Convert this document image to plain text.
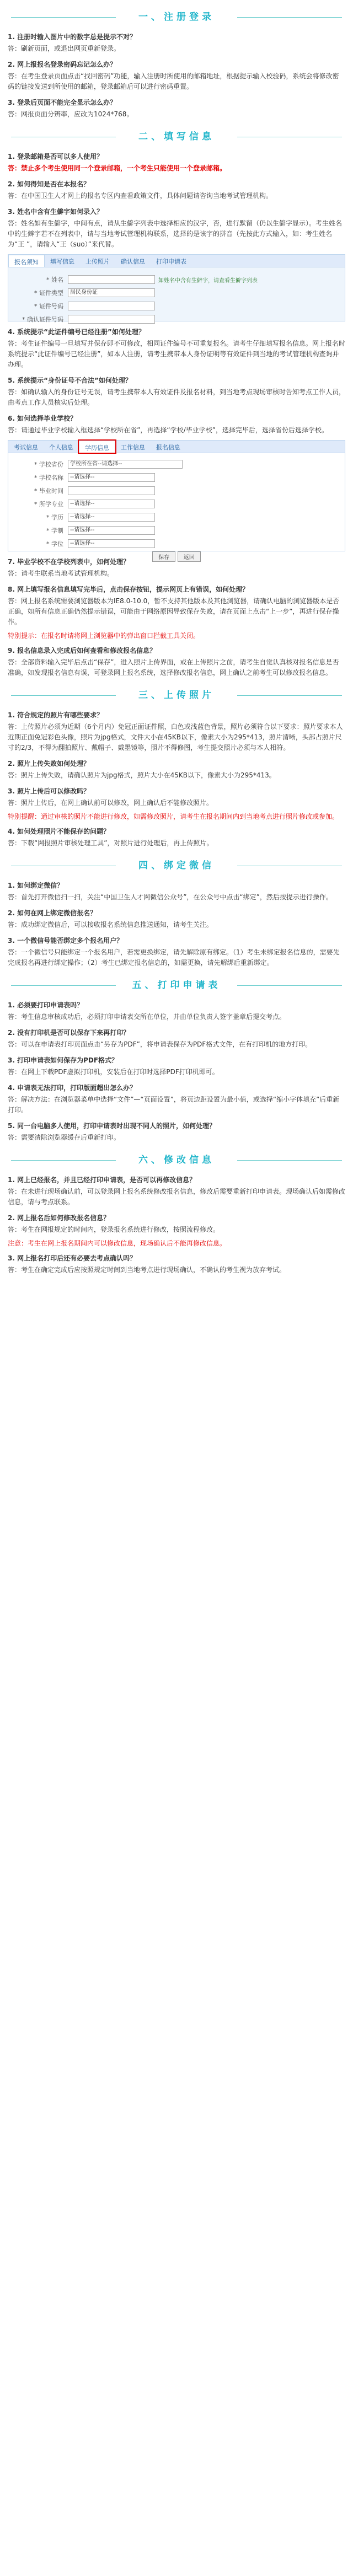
一、注册登录
1. 注册时输入图片中的数字总是提示不对？
答：刷新页面，或退出网页重新登录。
2. 网上报报名登录密码忘记怎么办？
答：在考生登录页面点击“找回密码”功能，输入注册时所使用的邮箱地址，根据提示输入校验码，系统会将修改密码的链接发送到所使用的邮箱，登录邮箱后可以进行密码重置。
3. 登录后页面不能完全显示怎么办？
答：网报页面分辨率，应改为1024*768。
二、填写信息
1. 登录邮箱是否可以多人使用？
答：禁止多个考生使用同一个登录邮箱，一个考生只能使用一个登录邮箱。
2. 如何得知是否在本报名？
答：在中国卫生人才网上的报名专区内查看政策文件，具体问题请咨询当地考试管理机构。
3. 姓名中含有生僻字如何录入？
答：姓名如有生僻字，中间有点，请从生僻字列表中选择相应的汉字，否，进行默留（仍以生僻字显示）。考生姓名中的生僻字若不在列表中，请与当地考试管理机构联系，选择的是该字的拼音（先按此方式输入，如：考生姓名为“王 ”，请输入“王（suo）”来代替。
报名须知	填写信息	上传照片	确认信息	打印申请表
* 姓名	如姓名中含有生僻字，请查看生僻字列表
* 证件类型	居民身份证
* 证件号码
* 确认证件号码
4. 系统提示“此证件编号已经注册”如何处理？
答：考生证件编号一旦填写并保存即不可修改，相同证件编号不可重复报名。请考生仔细填写报名信息。网上报名时系统提示“此证件编号已经注册”，如本人注册，请考生携带本人身份证明等有效证件到当地的考试管理机构查询并办理。
5. 系统提示“身份证号不合法”如何处理？
答：如确认输入的身份证号无误，请考生携带本人有效证件及报名材料，到当地考点现场审核时告知考点工作人员，由考点工作人员核实后处理。
6. 如何选择毕业学校？
答：请通过毕业学校输入框选择“学校所在省”，再选择“学校/毕业学校”，选择完毕后，选择省份后选择学校。
考试信息	个人信息	学历信息	工作信息	报名信息
* 学校省份	学校所在省--请选择--
* 学校名称	--请选择--
* 毕业时间
* 所学专业	--请选择--
* 学历	--请选择--
* 学制	--请选择--
* 学位	--请选择--
保存	返回
7. 毕业学校不在学校列表中，如何处理？
答：请考生联系当地考试管理机构。
8. 网上填写报名信息填写完毕后，点击保存按钮，提示网页上有错误，如何处理？
答：网上报名系统需要浏览器版本为IE8.0-10.0，暂不支持其他版本及其他浏览器，请确认电脑的浏览器版本是否正确，如所有信息正确仍然提示错误，可能由于网络原因导致保存失败，请在页面上点击“上一步”，再进行保存操作。
特别提示：在报名时请将网上浏览器中的弹出窗口拦截工具关闭。
9. 报名信息录入完成后如何查看和修改报名信息？
答：全部资料输入完毕后点击“保存”，进入照片上传界面，或在上传照片之前，请考生自觉认真核对报名信息是否准确，如发现报名信息有误，可登录网上报名系统，选择修改报名信息，网上确认之前考生可以修改报名信息。
三、上传照片
1. 符合规定的照片有哪些要求？
答：上传照片必须为近期（6个月内）免冠正面证件照，白色或浅蓝色背景，照片必须符合以下要求：照片要求本人近期正面免冠彩色头像，照片为jpg格式，文件大小在45KB以下，像素大小为295*413，照片清晰，头部占照片尺寸的2/3，不得为翻拍照片、戴帽子、戴墨镜等，照片不得修图，考生提交照片必须与本人相符。
2. 照片上传失败如何处理？
答：照片上传失败，请确认照片为jpg格式，照片大小在45KB以下，像素大小为295*413。
3. 照片上传后可以修改吗？
答：照片上传后，在网上确认前可以修改，网上确认后不能修改照片。
特别提醒：通过审核的照片不能进行修改，如需修改照片，请考生在报名期间内到当地考点进行照片修改或参加。
4. 如何处理照片不能保存的问题？
答：下载“网报照片审核处理工具”，对照片进行处理后，再上传照片。
四、绑定微信
1. 如何绑定微信？
答：首先打开微信扫一扫，关注“中国卫生人才网微信公众号”，在公众号中点击“绑定”，然后按提示进行操作。
2. 如何在网上绑定微信报名？
答：成功绑定微信后，可以接收报名系统信息推送通知，请考生关注。
3. 一个微信号能否绑定多个报名用户？
答：一个微信号只能绑定一个报名用户，若需更换绑定，请先解除原有绑定。（1）考生未绑定报名信息的，需要先完成报名再进行绑定操作；（2）考生已绑定报名信息的，如需更换，请先解绑后重新绑定。
五、打印申请表
1. 必须要打印申请表吗？
答：考生信息审核成功后，必须打印申请表交所在单位，并由单位负责人签字盖章后提交考点。
2. 没有打印机是否可以保存下来再打印？
答：可以在申请表打印页面点击“另存为PDF”，将申请表保存为PDF格式文件，在有打印机的地方打印。
3. 打印申请表如何保存为PDF格式？
答：在网上下载PDF虚拟打印机，安装后在打印时选择PDF打印机即可。
4. 申请表无法打印，打印版面超出怎么办？
答：解决方法：在浏览器菜单中选择“文件”—“页面设置”，将页边距设置为最小值，或选择“缩小字体填充”后重新打印。
5. 同一台电脑多人使用，打印申请表时出现不同人的照片，如何处理？
答：需要清除浏览器缓存后重新打印。
六、修改信息
1. 网上已经报名，并且已经打印申请表，是否可以再修改信息？
答：在未进行现场确认前，可以登录网上报名系统修改报名信息，修改后需要重新打印申请表。现场确认后如需修改信息，请与考点联系。
2. 网上报名后如何修改报名信息？
答：考生在网报规定的时间内，登录报名系统进行修改，按照流程修改。
注意：考生在网上报名期间内可以修改信息，现场确认后不能再修改信息。
3. 网上报名打印后还有必要去考点确认吗？
答：考生在确定完成后应按照规定时间到当地考点进行现场确认，不确认的考生视为放弃考试。
